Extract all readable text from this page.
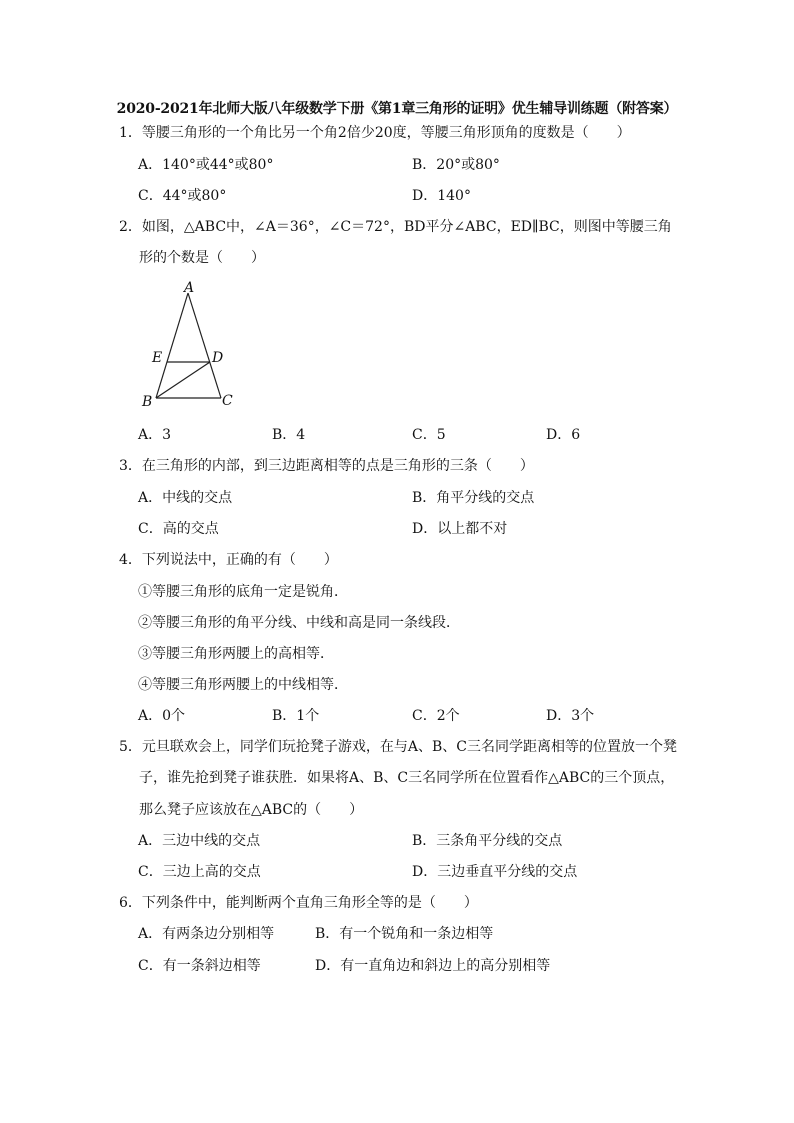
2020-2021年北师大版八年级数学下册《第1章三角形的证明》优生辅导训练题（附答案）
1．等腰三角形的一个角比另一个角2倍少20度，等腰三角形顶角的度数是（　　）
A．140°或44°或80°	B．20°或80°
C．44°或80°	D．140°
2．如图，△ABC中，∠A＝36°，∠C＝72°，BD平分∠ABC，ED∥BC，则图中等腰三角
形的个数是（　　）
A
E	D
B	C
A．3	B．4	C．5	D．6
3．在三角形的内部，到三边距离相等的点是三角形的三条（　　）
A．中线的交点	B．角平分线的交点
C．高的交点	D．以上都不对
4．下列说法中，正确的有（　　）
①等腰三角形的底角一定是锐角．
②等腰三角形的角平分线、中线和高是同一条线段．
③等腰三角形两腰上的高相等．
④等腰三角形两腰上的中线相等．
A．0个	B．1个	C．2个	D．3个
5．元旦联欢会上，同学们玩抢凳子游戏，在与A、B、C三名同学距离相等的位置放一个凳
子，谁先抢到凳子谁获胜．如果将A、B、C三名同学所在位置看作△ABC的三个顶点，
那么凳子应该放在△ABC的（　　）
A．三边中线的交点	B．三条角平分线的交点
C．三边上高的交点	D．三边垂直平分线的交点
6．下列条件中，能判断两个直角三角形全等的是（　　）
A．有两条边分别相等	B．有一个锐角和一条边相等
C．有一条斜边相等	D．有一直角边和斜边上的高分别相等
